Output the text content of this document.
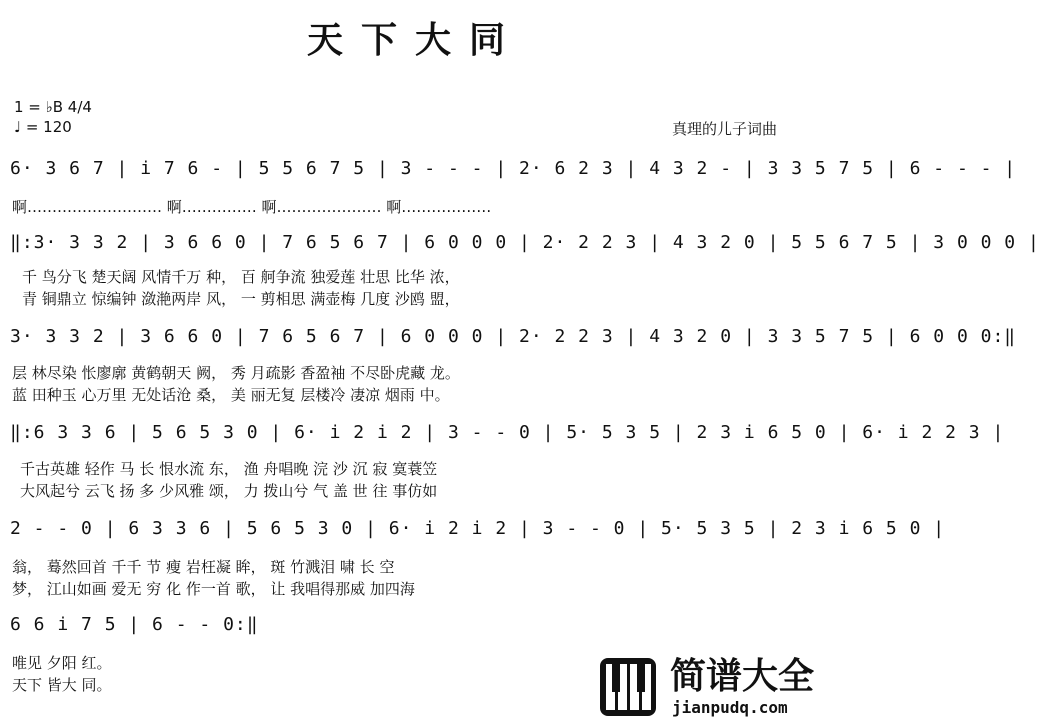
天下大同
1 = ♭B 4/4
♩ = 120	真理的儿子词曲
6· 3 6 7 | i 7 6 - | 5 5 6 7 5 | 3 - - - | 2· 6 2 3 | 4 3 2 - | 3 3 5 7 5 | 6 - - - |
啊……………………… 啊…………… 啊………………… 啊………………
‖:3· 3 3 2 | 3 6 6 0 | 7 6 5 6 7 | 6 0 0 0 | 2· 2 2 3 | 4 3 2 0 | 5 5 6 7 5 | 3 0 0 0 |
千 鸟分飞 楚天阔 风情千万 种， 百 舸争流 独爱莲 壮思 比华 浓，
青 铜鼎立 惊编钟 潋滟两岸 风， 一 剪相思 满壶梅 几度 沙鸥 盟，
3· 3 3 2 | 3 6 6 0 | 7 6 5 6 7 | 6 0 0 0 | 2· 2 2 3 | 4 3 2 0 | 3 3 5 7 5 | 6 0 0 0:‖
层 林尽染 怅廖廓 黄鹤朝天 阙， 秀 月疏影 香盈袖 不尽卧虎藏 龙。
蓝 田种玉 心万里 无处话沧 桑， 美 丽无复 层楼冷 凄凉 烟雨 中。
‖:6 3 3 6 | 5 6 5 3 0 | 6· i 2 i 2 | 3 - - 0 | 5· 5 3 5 | 2 3 i 6 5 0 | 6· i 2 2 3 |
千古英雄 轻作 马 长 恨水流 东， 渔 舟唱晚 浣 沙 沉 寂 寞蓑笠
大风起兮 云飞 扬 多 少风雅 颂， 力 拨山兮 气 盖 世 往 事仿如
2 - - 0 | 6 3 3 6 | 5 6 5 3 0 | 6· i 2 i 2 | 3 - - 0 | 5· 5 3 5 | 2 3 i 6 5 0 |
翁， 蓦然回首 千千 节 瘦 岩枉凝 眸， 斑 竹溅泪 啸 长 空
梦， 江山如画 爱无 穷 化 作一首 歌， 让 我唱得那威 加四海
6 6 i 7 5 | 6 - - 0:‖
唯见 夕阳 红。
天下 皆大 同。	简谱大全
jianpudq.com
